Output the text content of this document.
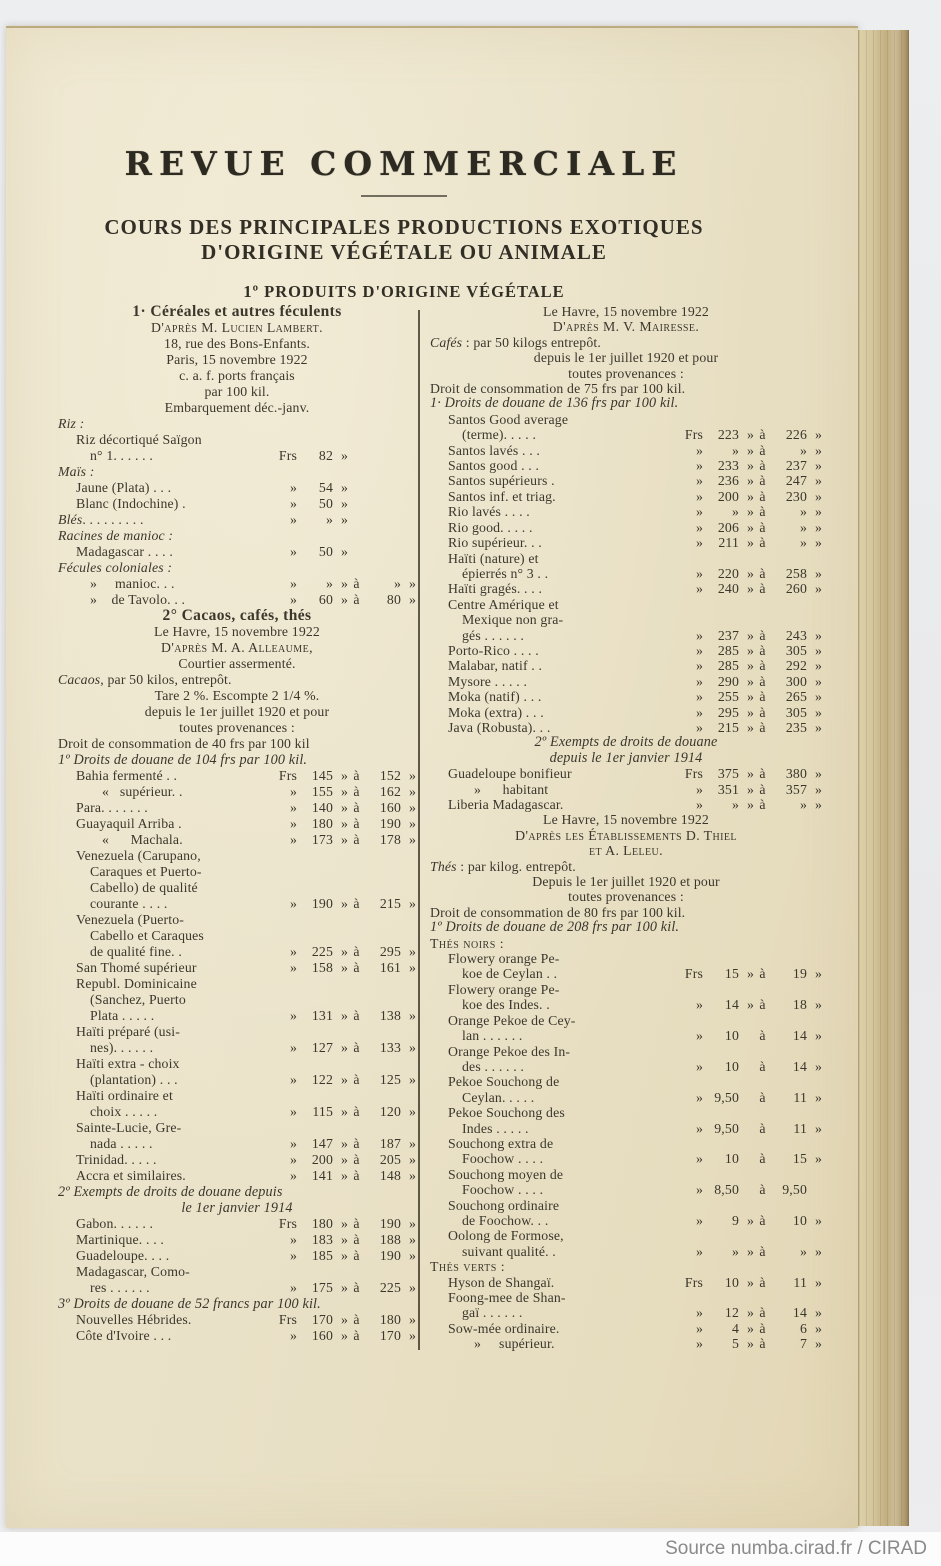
REVUE COMMERCIALE
COURS DES PRINCIPALES PRODUCTIONS EXOTIQUES
D'ORIGINE VÉGÉTALE OU ANIMALE
1º PRODUITS D'ORIGINE VÉGÉTALE
1· Céréales et autres féculents
D'après M. Lucien Lambert.
18, rue des Bons-Enfants.
Paris, 15 novembre 1922
c. a. f. ports français
par 100 kil.
Embarquement déc.-janv.
Riz :
Riz décortiqué Saïgon
n° 1. . . . . .	Frs	82 »
Maïs :
Jaune (Plata) . . .	»	54 »
Blanc (Indochine) .	»	50 »
Blés. . . . . . . . .	»	» »
Racines de manioc :
Madagascar . . . .	»	50 »
Fécules coloniales :
»     manioc. . .	»	» » à	» »
»    de Tavolo. . .	»	60 » à	80 »
2° Cacaos, cafés, thés
Le Havre, 15 novembre 1922
D'après M. A. Alleaume,
Courtier assermenté.
Cacaos, par 50 kilos, entrepôt.
Tare 2 %. Escompte 2 1/4 %.
depuis le 1er juillet 1920 et pour
toutes provenances :
Droit de consommation de 40 frs par 100 kil
1º Droits de douane de 104 frs par 100 kil.
Bahia fermenté . .	Frs	145 » à	152 »
«   supérieur. .	»	155 » à	162 »
Para. . . . . . .	»	140 » à	160 »
Guayaquil Arriba .	»	180 » à	190 »
«      Machala.	»	173 » à	178 »
Venezuela (Carupano,
Caraques et Puerto-
Cabello) de qualité
courante . . . .	»	190 » à	215 »
Venezuela (Puerto-
Cabello et Caraques
de qualité fine. .	»	225 » à	295 »
San Thomé supérieur	»	158 » à	161 »
Republ. Dominicaine
(Sanchez, Puerto
Plata . . . . .	»	131 » à	138 »
Haïti préparé (usi-
nes). . . . . .	»	127 » à	133 »
Haïti extra - choix
(plantation) . . .	»	122 » à	125 »
Haïti ordinaire et
choix . . . . .	»	115 » à	120 »
Sainte-Lucie, Gre-
nada . . . . .	»	147 » à	187 »
Trinidad. . . . .	»	200 » à	205 »
Accra et similaires.	»	141 » à	148 »
2º Exempts de droits de douane depuis
le 1er janvier 1914
Gabon. . . . . .	Frs	180 » à	190 »
Martinique. . . .	»	183 » à	188 »
Guadeloupe. . . .	»	185 » à	190 »
Madagascar, Como-
res . . . . . .	»	175 » à	225 »
3º Droits de douane de 52 francs par 100 kil.
Nouvelles Hébrides.	Frs	170 » à	180 »
Côte d'Ivoire . . .	»	160 » à	170 »
Le Havre, 15 novembre 1922
D'après M. V. Mairesse.
Cafés : par 50 kilogs entrepôt.
depuis le 1er juillet 1920 et pour
toutes provenances :
Droit de consommation de 75 frs par 100 kil.
1· Droits de douane de 136 frs par 100 kil.
Santos Good average
(terme). . . . .	Frs	223 » à	226 »
Santos lavés . . .	»	» » à	» »
Santos good . . .	»	233 » à	237 »
Santos supérieurs .	»	236 » à	247 »
Santos inf. et triag.	»	200 » à	230 »
Rio lavés . . . .	»	» » à	» »
Rio good. . . . .	»	206 » à	» »
Rio supérieur. . .	»	211 » à	» »
Haïti (nature) et
épierrés n° 3 . .	»	220 » à	258 »
Haïti gragés. . . .	»	240 » à	260 »
Centre Amérique et
Mexique non gra-
gés . . . . . .	»	237 » à	243 »
Porto-Rico . . . .	»	285 » à	305 »
Malabar, natif . .	»	285 » à	292 »
Mysore . . . . .	»	290 » à	300 »
Moka (natif) . . .	»	255 » à	265 »
Moka (extra) . . .	»	295 » à	305 »
Java (Robusta). . .	»	215 » à	235 »
2º Exempts de droits de douane
depuis le 1er janvier 1914
Guadeloupe bonifieur	Frs	375 » à	380 »
»      habitant	»	351 » à	357 »
Liberia Madagascar.	»	» » à	» »
Le Havre, 15 novembre 1922
D'après les Établissements D. Thiel
et A. Leleu.
Thés : par kilog. entrepôt.
Depuis le 1er juillet 1920 et pour
toutes provenances :
Droit de consommation de 80 frs par 100 kil.
1º Droits de douane de 208 frs par 100 kil.
Thés noirs :
Flowery orange Pe-
koe de Ceylan . .	Frs	15 » à	19 »
Flowery orange Pe-
koe des Indes. .	»	14 » à	18 »
Orange Pekoe de Cey-
lan . . . . . .	»	10	à	14 »
Orange Pekoe des In-
des . . . . . .	»	10	à	14 »
Pekoe Souchong de
Ceylan. . . . .	» 9,50	à	11 »
Pekoe Souchong des
Indes . . . . .	» 9,50	à	11 »
Souchong extra de
Foochow . . . .	»	10	à	15 »
Souchong moyen de
Foochow . . . .	» 8,50	à	9,50
Souchong ordinaire
de Foochow. . .	»	9 » à	10 »
Oolong de Formose,
suivant qualité. .	»	» » à	» »
Thés verts :
Hyson de Shangaï.	Frs	10 » à	11 »
Foong-mee de Shan-
gaï . . . . . .	»	12 » à	14 »
Sow-mée ordinaire.	»	4 » à	6 »
»     supérieur.	»	5 » à	7 »
Source numba.cirad.fr / CIRAD
